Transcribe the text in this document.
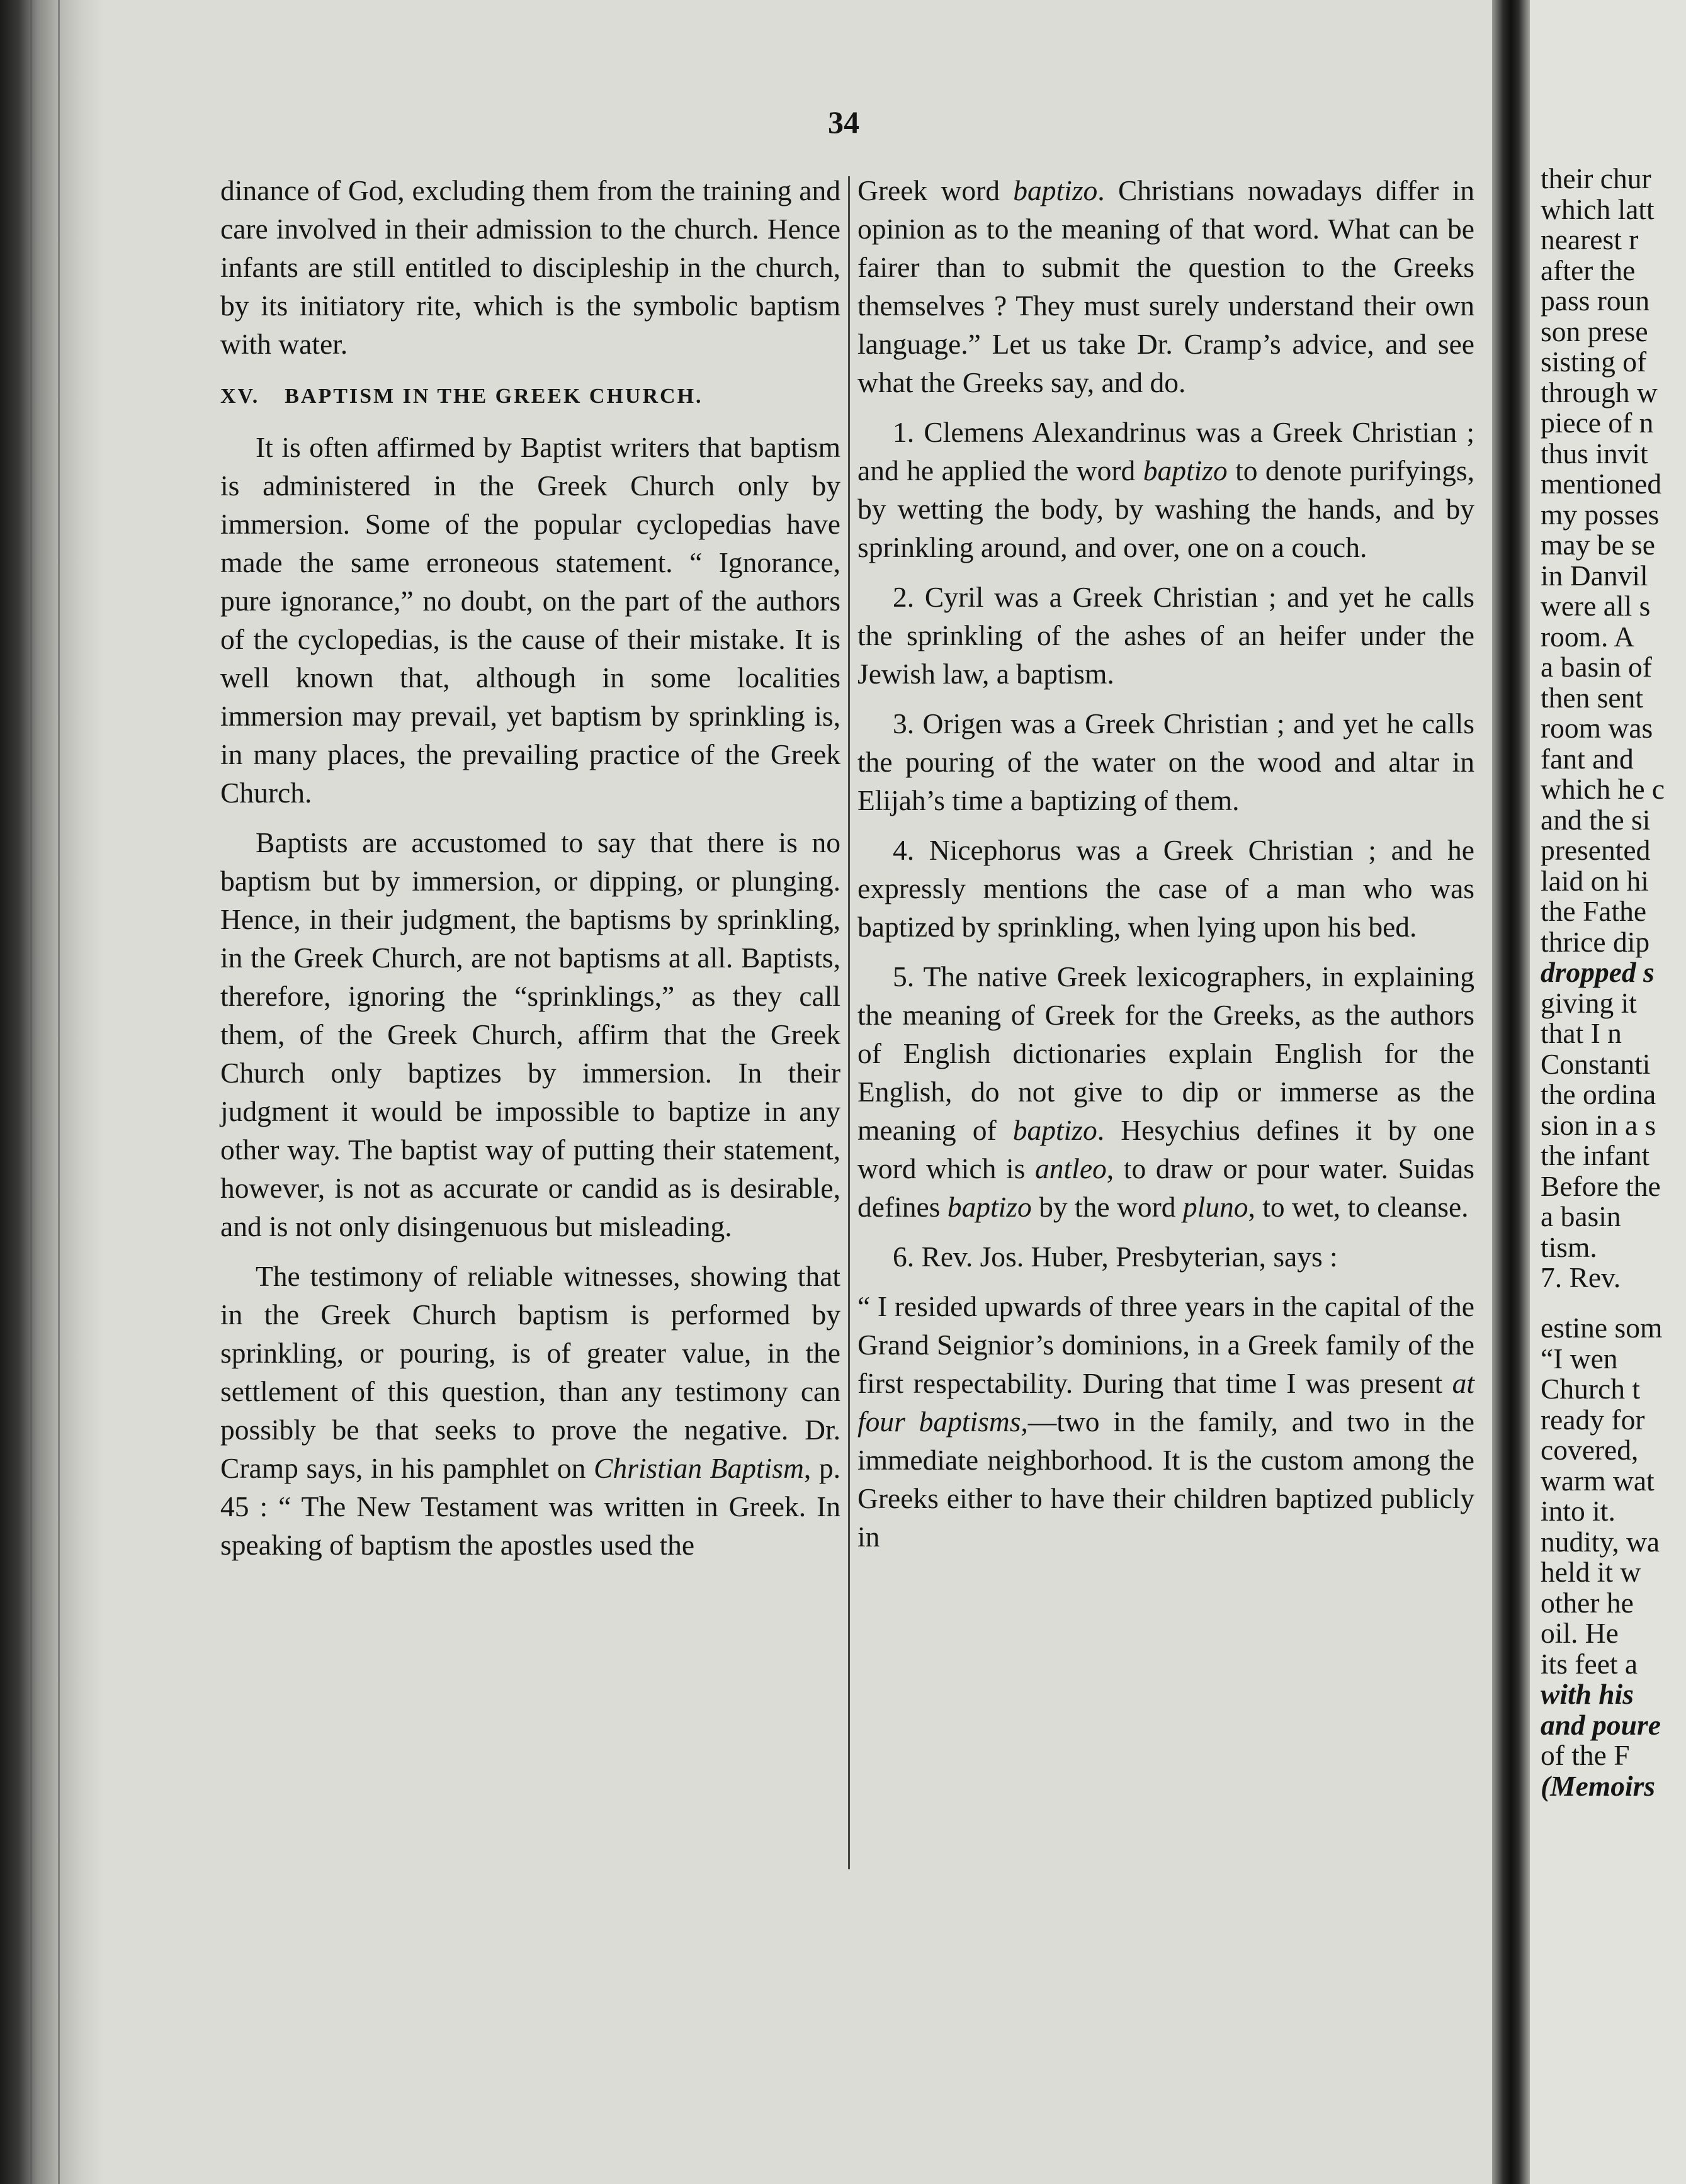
34

dinance of God, excluding them from the training and care involved in their admission to the church. Hence infants are still entitled to discipleship in the church, by its initiatory rite, which is the symbolic baptism with water.

XV. BAPTISM IN THE GREEK CHURCH.

It is often affirmed by Baptist writers that baptism is administered in the Greek Church only by immersion. Some of the popular cyclopedias have made the same erroneous statement. “ Ignorance, pure ignorance,” no doubt, on the part of the authors of the cyclopedias, is the cause of their mistake. It is well known that, although in some localities immersion may prevail, yet baptism by sprinkling is, in many places, the prevailing practice of the Greek Church.

Baptists are accustomed to say that there is no baptism but by immersion, or dipping, or plunging. Hence, in their judgment, the baptisms by sprinkling, in the Greek Church, are not baptisms at all. Baptists, therefore, ignoring the “sprinklings,” as they call them, of the Greek Church, affirm that the Greek Church only baptizes by immersion. In their judgment it would be impossible to baptize in any other way. The baptist way of putting their statement, however, is not as accurate or candid as is desirable, and is not only disingenuous but misleading.

The testimony of reliable witnesses, showing that in the Greek Church baptism is performed by sprinkling, or pouring, is of greater value, in the settlement of this question, than any testimony can possibly be that seeks to prove the negative. Dr. Cramp says, in his pamphlet on Christian Baptism, p. 45 : “ The New Testament was written in Greek. In speaking of baptism the apostles used the

Greek word baptizo. Christians nowadays differ in opinion as to the meaning of that word. What can be fairer than to submit the question to the Greeks themselves ? They must surely understand their own language.” Let us take Dr. Cramp’s advice, and see what the Greeks say, and do.

1. Clemens Alexandrinus was a Greek Christian ; and he applied the word baptizo to denote purifyings, by wetting the body, by washing the hands, and by sprinkling around, and over, one on a couch.

2. Cyril was a Greek Christian ; and yet he calls the sprinkling of the ashes of an heifer under the Jewish law, a baptism.

3. Origen was a Greek Christian ; and yet he calls the pouring of the water on the wood and altar in Elijah’s time a baptizing of them.

4. Nicephorus was a Greek Christian ; and he expressly mentions the case of a man who was baptized by sprinkling, when lying upon his bed.

5. The native Greek lexicographers, in explaining the meaning of Greek for the Greeks, as the authors of English dictionaries explain English for the English, do not give to dip or immerse as the meaning of baptizo. Hesychius defines it by one word which is antleo, to draw or pour water. Suidas defines baptizo by the word pluno, to wet, to cleanse.

6. Rev. Jos. Huber, Presbyterian, says :

“ I resided upwards of three years in the capital of the Grand Seignior’s dominions, in a Greek family of the first respectability. During that time I was present at four baptisms,—two in the family, and two in the immediate neighborhood. It is the custom among the Greeks either to have their children baptized publicly in

their chur
which latt
nearest r
after the
pass roun
son prese
sisting of
through w
piece of n
thus invit
mentioned
my posses
may be se
in Danvil
were all s
room. A
a basin of
then sent
room was
fant and
which he c
and the si
presented
laid on hi
the Fathe
thrice dip
dropped s
giving it
that I n
Constanti
the ordina
sion in a s
the infant
Before the
a basin
tism.
7. Rev.
estine som
“I wen
Church t
ready for
covered,
warm wat
into it.
nudity, wa
held it w
other he
oil. He
its feet a
with his
and poure
of the F
(Memoirs
